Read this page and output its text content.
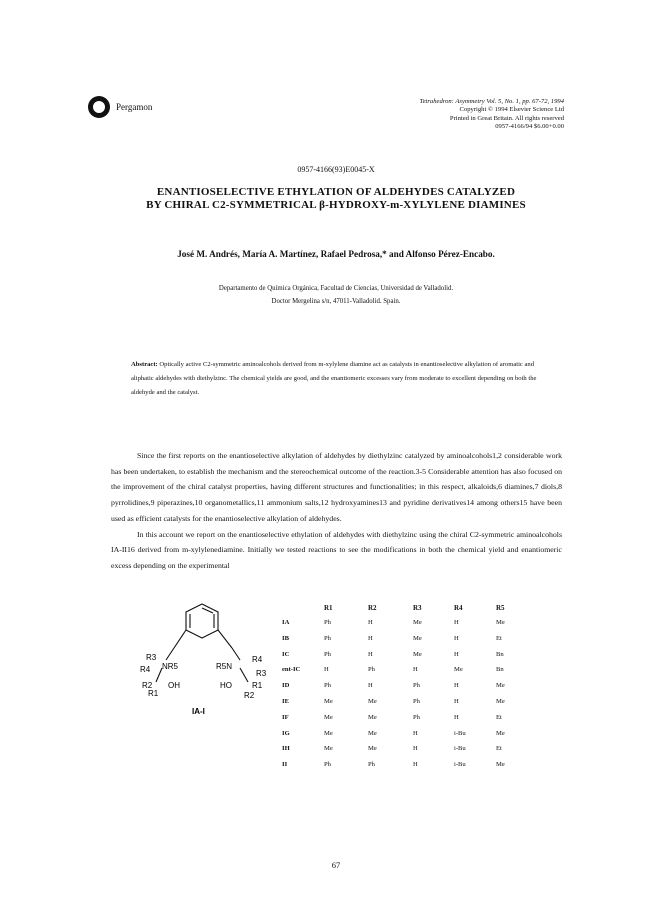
Pergamon
Tetrahedron: Asymmetry Vol. 5, No. 1, pp. 67-72, 1994
Copyright © 1994 Elsevier Science Ltd
Printed in Great Britain. All rights reserved
0957-4166/94 $6.00+0.00
0957-4166(93)E0045-X
ENANTIOSELECTIVE ETHYLATION OF ALDEHYDES CATALYZED
BY CHIRAL C2-SYMMETRICAL β-HYDROXY-m-XYLYLENE DIAMINES
José M. Andrés, María A. Martínez, Rafael Pedrosa,* and Alfonso Pérez-Encabo.
Departamento de Química Orgánica, Facultad de Ciencias, Universidad de Valladolid.
Doctor Mergelina s/n, 47011-Valladolid. Spain.
Abstract: Optically active C2-symmetric aminoalcohols derived from m-xylylene diamine act as catalysts in enantioselective alkylation of aromatic and aliphatic aldehydes with diethylzinc. The chemical yields are good, and the enantiomeric excesses vary from moderate to excellent depending on both the aldehyde and the catalyst.

Since the first reports on the enantioselective alkylation of aldehydes by diethylzinc catalyzed by aminoalcohols1,2 considerable work has been undertaken, to establish the mechanism and the stereochemical outcome of the reaction.3-5 Considerable attention has also focused on the improvement of the chiral catalyst properties, having different structures and functionalities; in this respect, alkaloids,6 diamines,7 diols,8 pyrrolidines,9 piperazines,10 organometallics,11 ammonium salts,12 hydroxyamines13 and pyridine derivatives14 among others15 have been used as efficient catalysts for the enantioselective alkylation of aldehydes.

In this account we report on the enantioselective ethylation of aldehydes with diethylzinc using the chiral C2-symmetric aminoalcohols IA-II16 derived from m-xylylenediamine. Initially we tested reactions to see the modifications in both the chemical yield and enantiomeric excess depending on the experimental

R3
NR5
R4
R2 OH
R1
R5N
R4
R3
HO	R1
R2
IA-I
R1	R2	R3	R4	R5
IA	Ph	H	Me	H	Me
IB	Ph	H	Me	H	Et
IC	Ph	H	Me	H	Bn
ent-IC	H	Ph	H	Me	Bn
ID	Ph	H	Ph	H	Me
IE	Me	Me	Ph	H	Me
IF	Me	Me	Ph	H	Et
IG	Me	Me	H	i-Bu	Me
IH	Me	Me	H	i-Bu	Et
II	Ph	Ph	H	i-Bu	Me
67
